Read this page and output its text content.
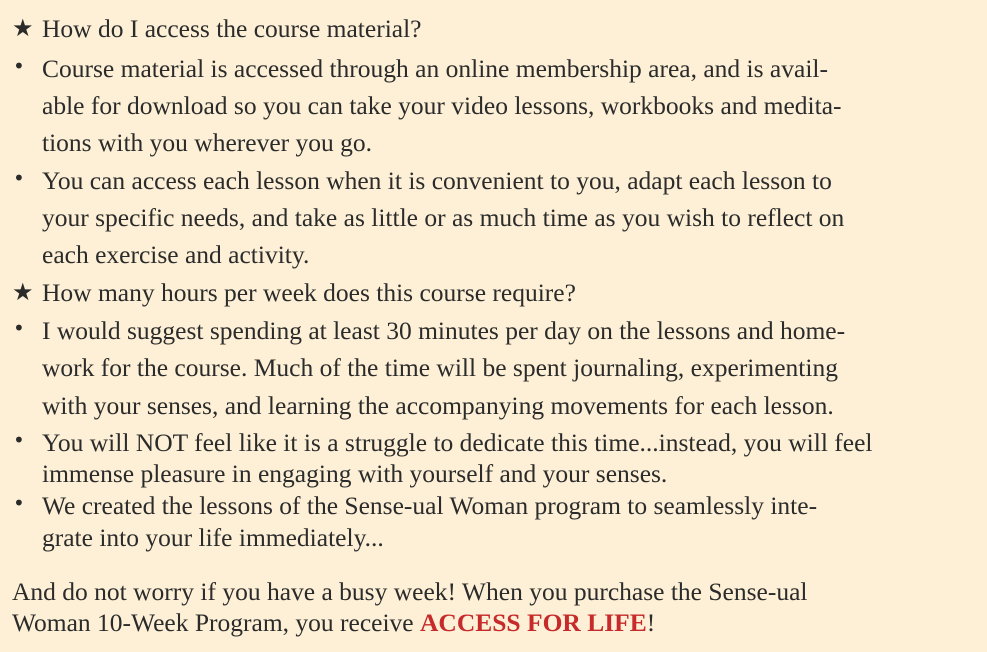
★ How do I access the course material?
• Course material is accessed through an online membership area, and is avail-
able for download so you can take your video lessons, workbooks and medita-
tions with you wherever you go.
• You can access each lesson when it is convenient to you, adapt each lesson to
your specific needs, and take as little or as much time as you wish to reflect on
each exercise and activity.
★ How many hours per week does this course require?
• I would suggest spending at least 30 minutes per day on the lessons and home-
work for the course. Much of the time will be spent journaling, experimenting
with your senses, and learning the accompanying movements for each lesson.
• You will NOT feel like it is a struggle to dedicate this time...instead, you will feel
immense pleasure in engaging with yourself and your senses.
• We created the lessons of the Sense-ual Woman program to seamlessly inte-
grate into your life immediately...
And do not worry if you have a busy week! When you purchase the Sense-ual
Woman 10-Week Program, you receive ACCESS FOR LIFE!
